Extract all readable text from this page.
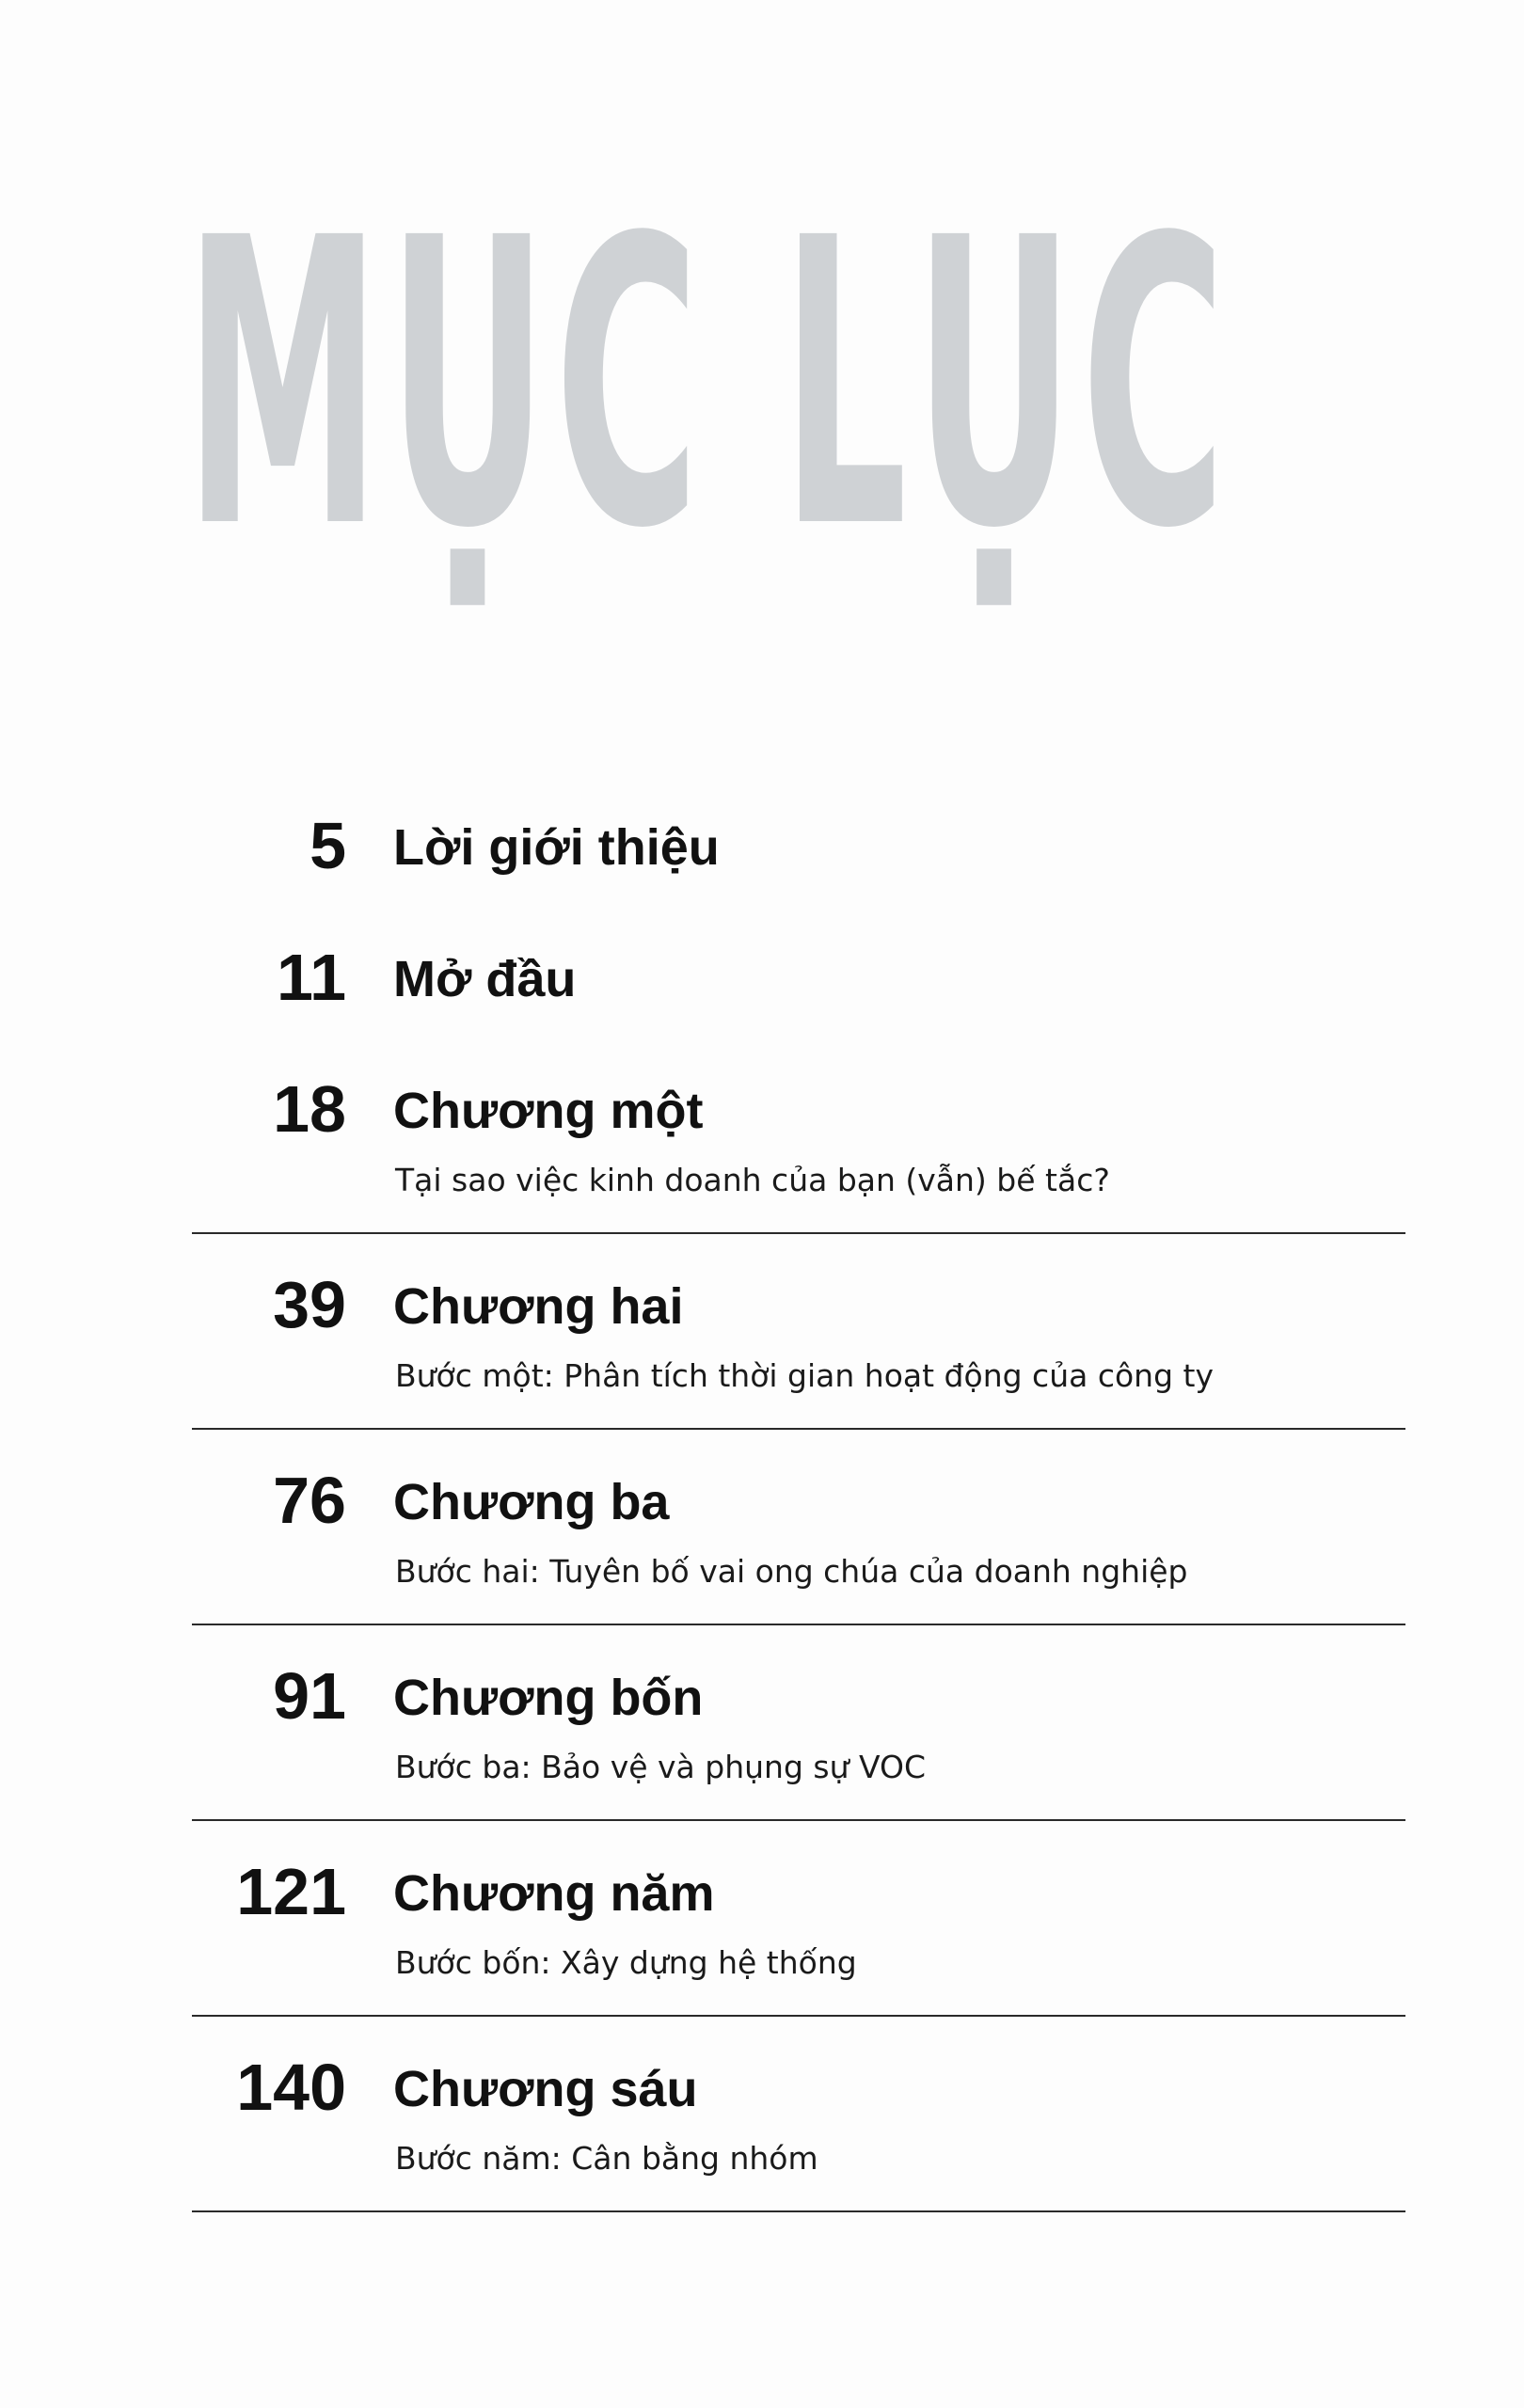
MỤC LỤC
5 Lời giới thiệu
11 Mở đầu
18 Chương một
Tại sao việc kinh doanh của bạn (vẫn) bế tắc?
39 Chương hai
Bước một: Phân tích thời gian hoạt động của công ty
76 Chương ba
Bước hai: Tuyên bố vai ong chúa của doanh nghiệp
91 Chương bốn
Bước ba: Bảo vệ và phụng sự VOC
121 Chương năm
Bước bốn: Xây dựng hệ thống
140 Chương sáu
Bước năm: Cân bằng nhóm
